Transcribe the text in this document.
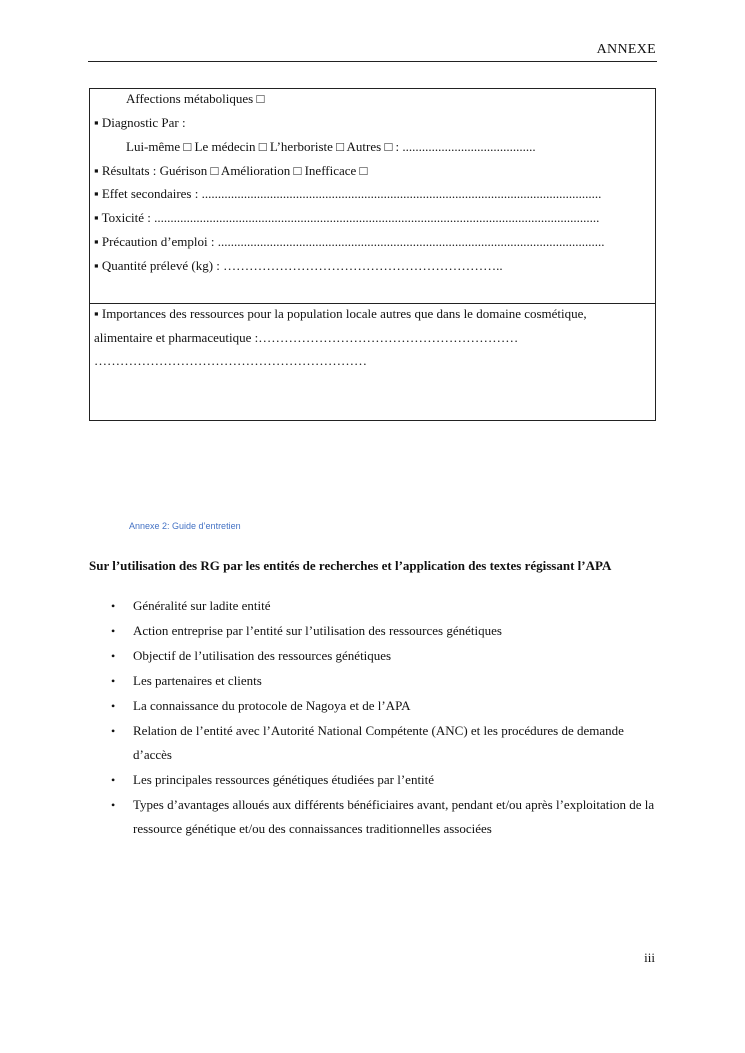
ANNEXE
Affections métaboliques □
▪ Diagnostic Par :
Lui-même □ Le médecin □ L’herboriste □ Autres □ : .........................................
▪ Résultats : Guérison □ Amélioration □ Inefficace □
▪ Effet secondaires : ...........................................................................................................................
▪ Toxicité : .........................................................................................................................................
▪ Précaution d’emploi : .......................................................................................................................
▪ Quantité prélevé (kg) : ………………………………………………………..
▪ Importances des ressources pour la population locale autres que dans le domaine cosmétique,
alimentaire et pharmaceutique :……………………………………………………
………………………………………………………
Annexe 2: Guide d’entretien
Sur l’utilisation des RG par les entités de recherches et l’application des textes régissant l’APA
• Généralité sur ladite entité
• Action entreprise par l’entité sur l’utilisation des ressources génétiques
• Objectif de l’utilisation des ressources génétiques
• Les partenaires et clients
• La connaissance du protocole de Nagoya et de l’APA
• Relation de l’entité avec l’Autorité National Compétente (ANC) et les procédures de demande d’accès
• Les principales ressources génétiques étudiées par l’entité
• Types d’avantages alloués aux différents bénéficiaires avant, pendant et/ou après l’exploitation de la ressource génétique et/ou des connaissances traditionnelles associées
iii
